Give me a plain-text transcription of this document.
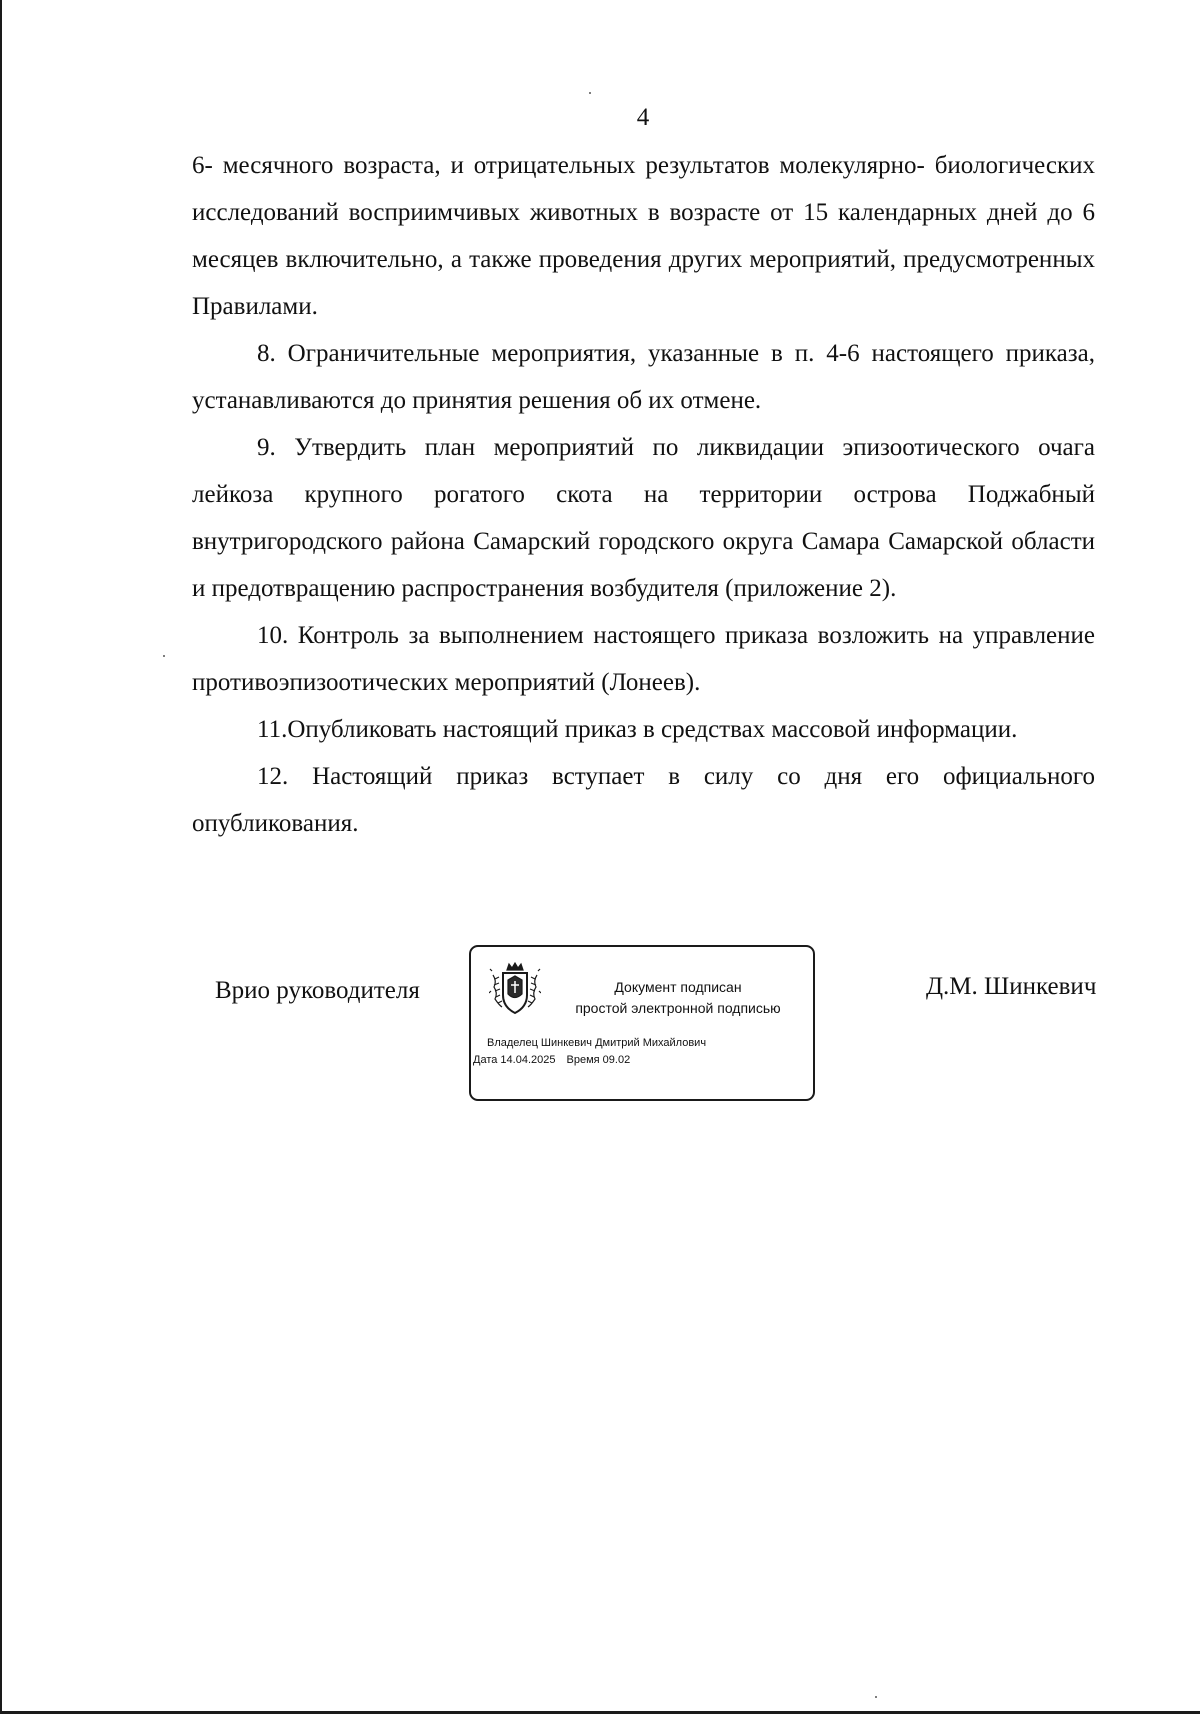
4

6- месячного возраста, и отрицательных результатов молекулярно- биологических исследований восприимчивых животных в возрасте от 15 календарных дней до 6 месяцев включительно, а также проведения других мероприятий, предусмотренных Правилами.

8. Ограничительные мероприятия, указанные в п. 4-6 настоящего приказа, устанавливаются до принятия решения об их отмене.

9. Утвердить план мероприятий по ликвидации эпизоотического очага лейкоза крупного рогатого скота на территории острова Поджабный внутригородского района Самарский городского округа Самара Самарской области и предотвращению распространения возбудителя (приложение 2).

10. Контроль за выполнением настоящего приказа возложить на управление противоэпизоотических мероприятий (Лонеев).

11.Опубликовать настоящий приказ в средствах массовой информации.

12. Настоящий приказ вступает в силу со дня его официального опубликования.

Врио руководителя	Документ подписан
простой электронной подписью
Владелец Шинкевич Дмитрий Михайлович
Дата 14.04.2025 Время 09.02
Д.М. Шинкевич
